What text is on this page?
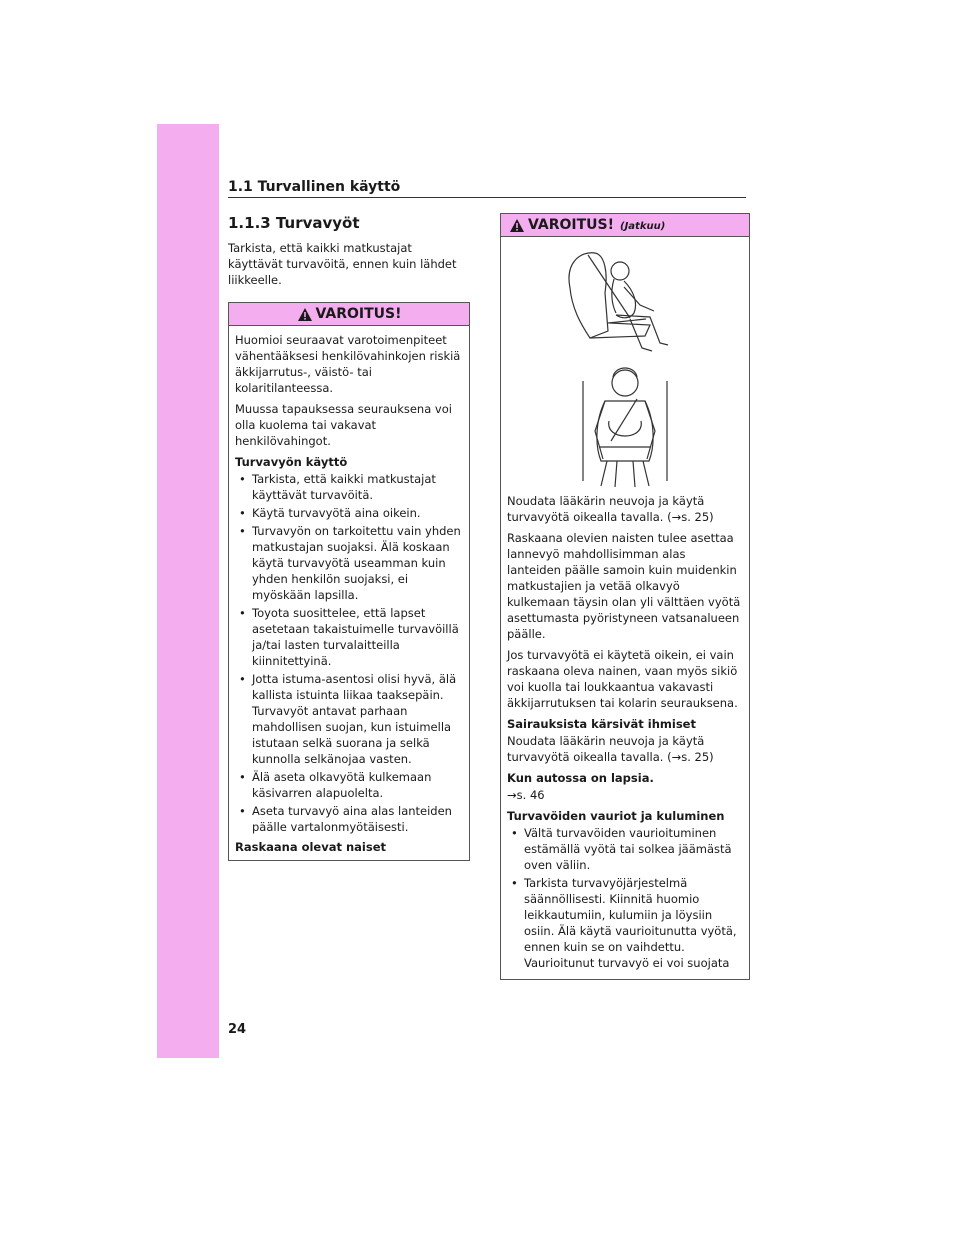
1.1 Turvallinen käyttö
1.1.3 Turvavyöt

Tarkista, että kaikki matkustajat käyttävät turvavöitä, ennen kuin lähdet liikkeelle.

VAROITUS!

Huomioi seuraavat varotoimenpiteet vähentääksesi henkilövahinkojen riskiä äkkijarrutus-, väistö- tai kolaritilanteessa.

Muussa tapauksessa seurauksena voi olla kuolema tai vakavat henkilövahingot.

Turvavyön käyttö
• Tarkista, että kaikki matkustajat käyttävät turvavöitä.
• Käytä turvavyötä aina oikein.
• Turvavyön on tarkoitettu vain yhden matkustajan suojaksi. Älä koskaan käytä turvavyötä useamman kuin yhden henkilön suojaksi, ei myöskään lapsilla.
• Toyota suosittelee, että lapset asetetaan takaistuimelle turvavöillä ja/tai lasten turvalaitteilla kiinnitettyinä.
• Jotta istuma-asentosi olisi hyvä, älä kallista istuinta liikaa taaksepäin. Turvavyöt antavat parhaan mahdollisen suojan, kun istuimella istutaan selkä suorana ja selkä kunnolla selkänojaa vasten.
• Älä aseta olkavyötä kulkemaan käsivarren alapuolelta.
• Aseta turvavyö aina alas lanteiden päälle vartalonmyötäisesti.
Raskaana olevat naiset
VAROITUS! (Jatkuu)

Noudata lääkärin neuvoja ja käytä turvavyötä oikealla tavalla. (→s. 25)

Raskaana olevien naisten tulee asettaa lannevyö mahdollisimman alas lanteiden päälle samoin kuin muidenkin matkustajien ja vetää olkavyö kulkemaan täysin olan yli välttäen vyötä asettumasta pyöristyneen vatsanalueen päälle.

Jos turvavyötä ei käytetä oikein, ei vain raskaana oleva nainen, vaan myös sikiö voi kuolla tai loukkaantua vakavasti äkkijarrutuksen tai kolarin seurauksena.

Sairauksista kärsivät ihmiset

Noudata lääkärin neuvoja ja käytä turvavyötä oikealla tavalla. (→s. 25)

Kun autossa on lapsia.

→s. 46

Turvavöiden vauriot ja kuluminen
• Vältä turvavöiden vaurioituminen estämällä vyötä tai solkea jäämästä oven väliin.
• Tarkista turvavyöjärjestelmä säännöllisesti. Kiinnitä huomio leikkautumiin, kulumiin ja löysiin osiin. Älä käytä vaurioitunutta vyötä, ennen kuin se on vaihdettu. Vaurioitunut turvavyö ei voi suojata
24
